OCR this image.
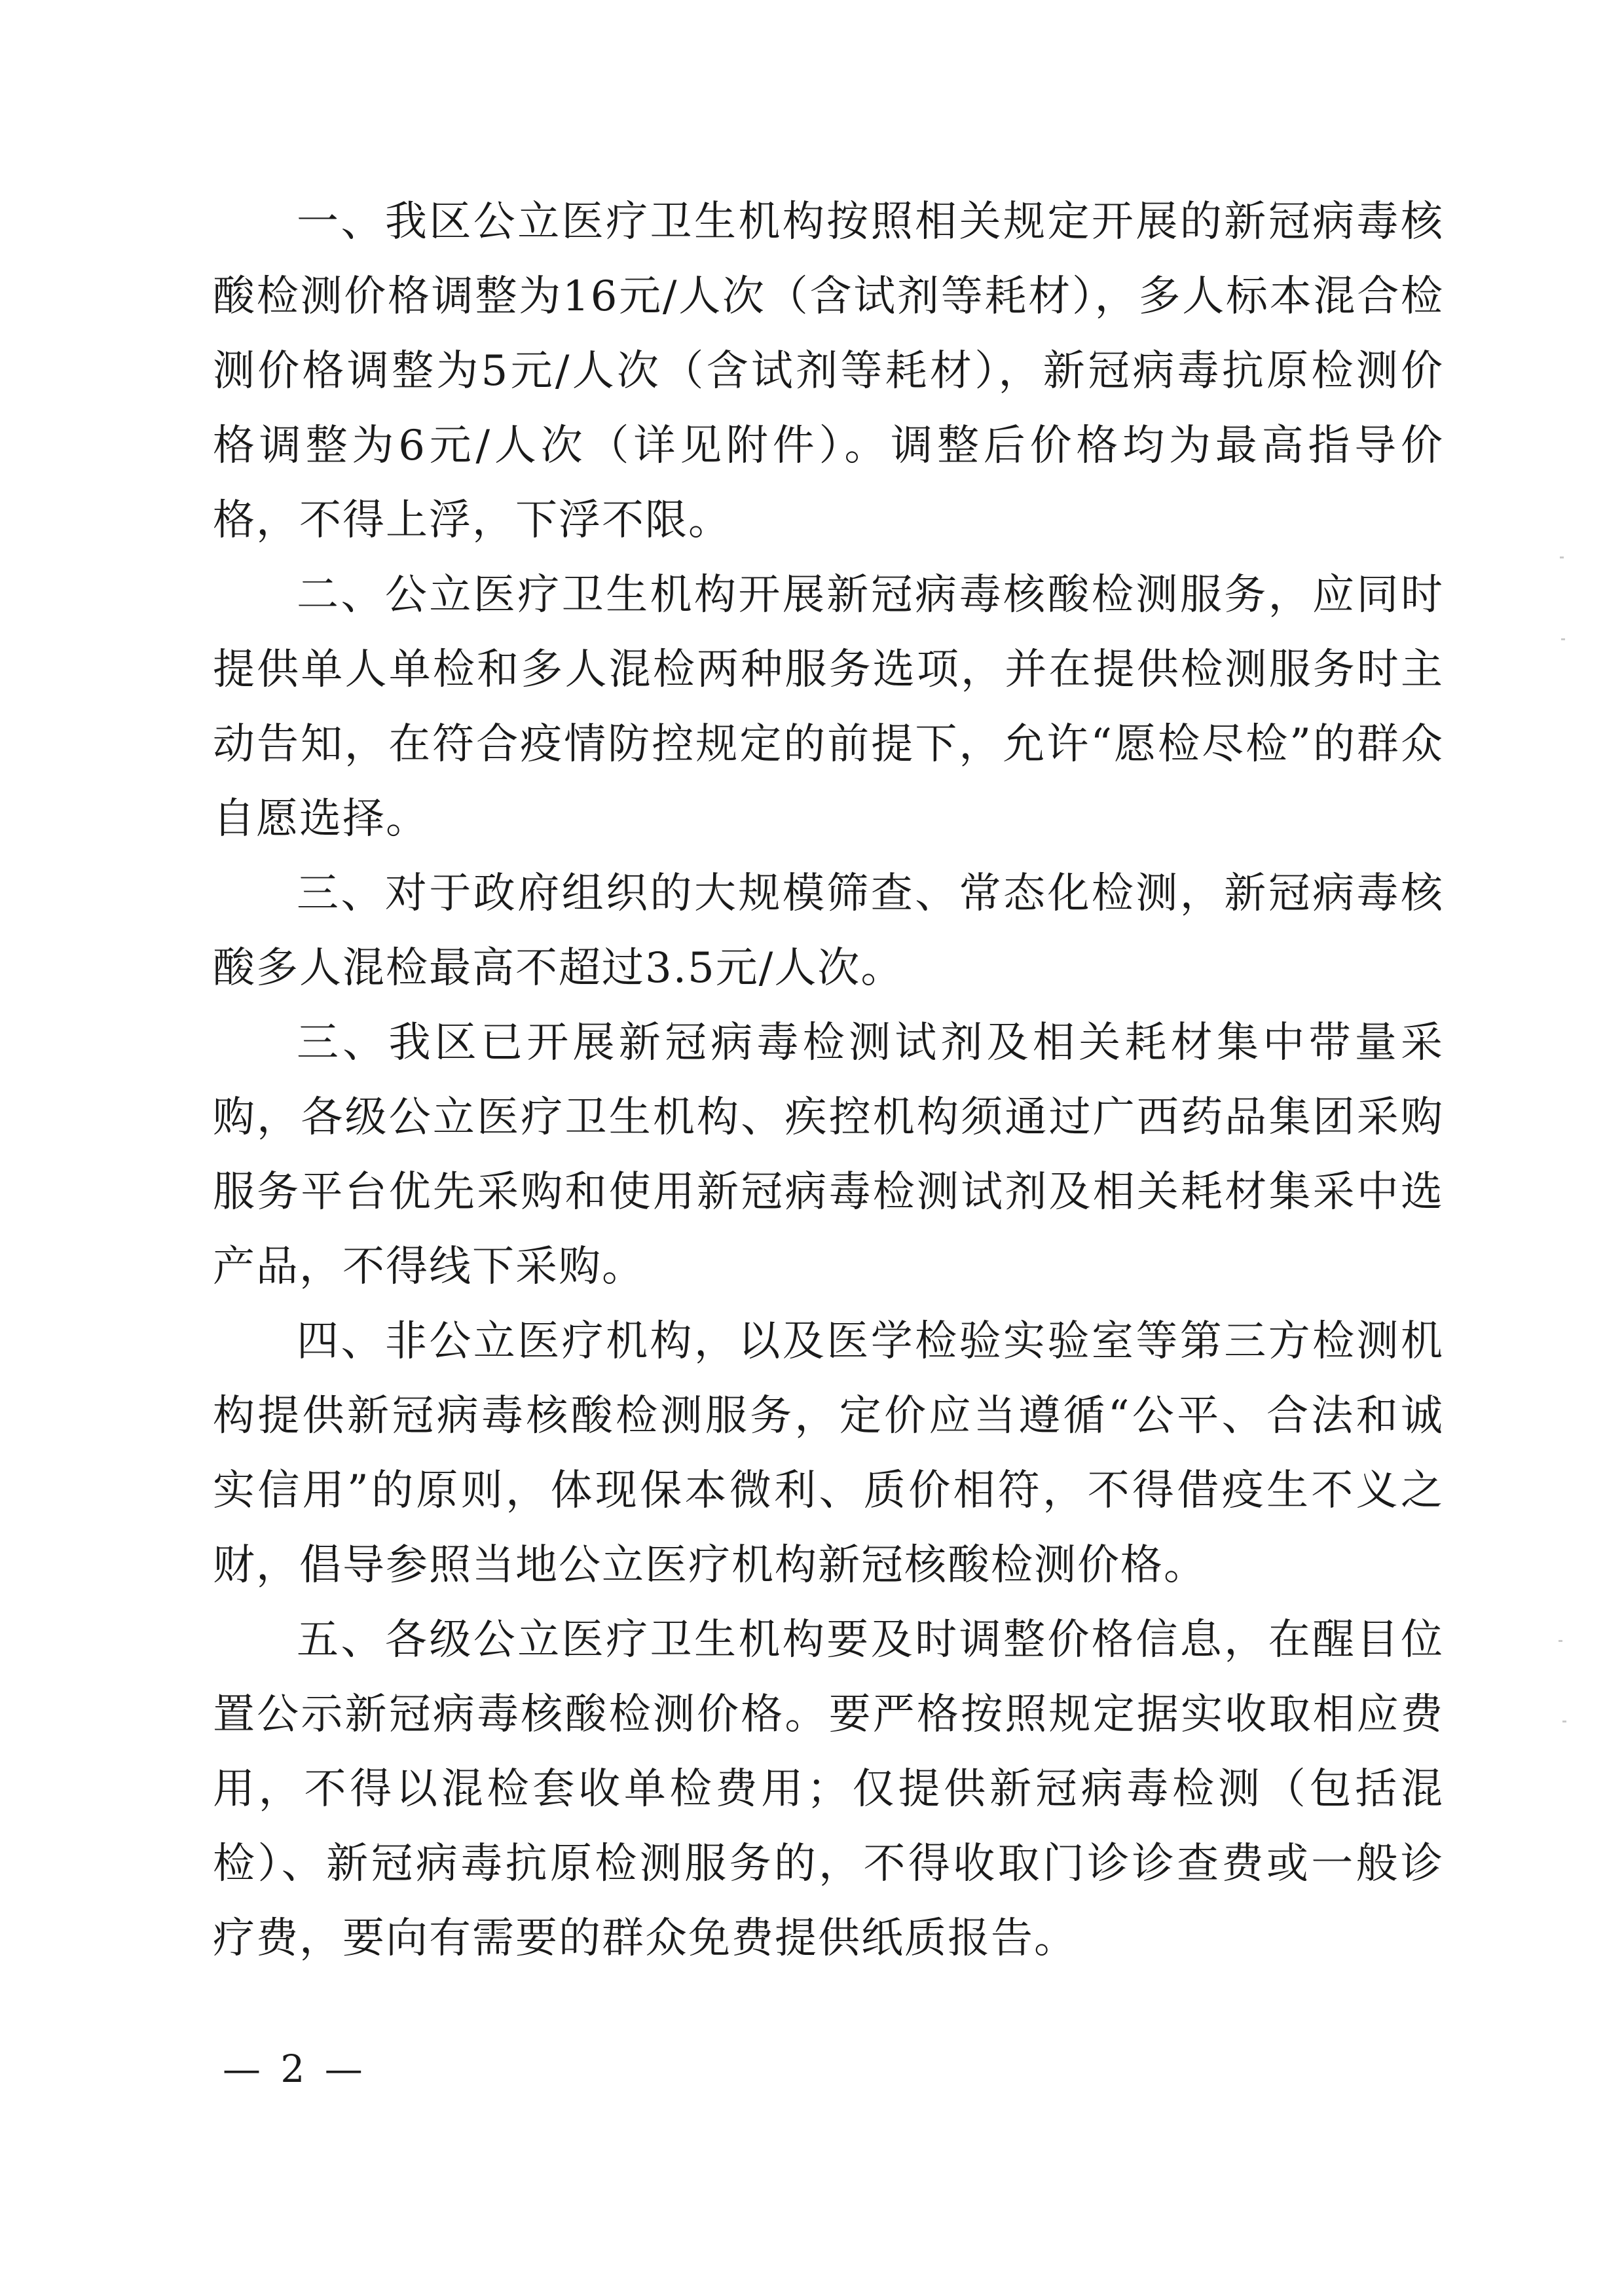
一、我区公立医疗卫生机构按照相关规定开展的新冠病毒核酸检测价格调整为16元/人次（含试剂等耗材），多人标本混合检测价格调整为5元/人次（含试剂等耗材），新冠病毒抗原检测价格调整为6元/人次（详见附件）。调整后价格均为最高指导价格，不得上浮，下浮不限。

二、公立医疗卫生机构开展新冠病毒核酸检测服务，应同时提供单人单检和多人混检两种服务选项，并在提供检测服务时主动告知，在符合疫情防控规定的前提下，允许“愿检尽检”的群众自愿选择。

三、对于政府组织的大规模筛查、常态化检测，新冠病毒核酸多人混检最高不超过3.5元/人次。

三、我区已开展新冠病毒检测试剂及相关耗材集中带量采购，各级公立医疗卫生机构、疾控机构须通过广西药品集团采购服务平台优先采购和使用新冠病毒检测试剂及相关耗材集采中选产品，不得线下采购。

四、非公立医疗机构，以及医学检验实验室等第三方检测机构提供新冠病毒核酸检测服务，定价应当遵循“公平、合法和诚实信用”的原则，体现保本微利、质价相符，不得借疫生不义之财，倡导参照当地公立医疗机构新冠核酸检测价格。

五、各级公立医疗卫生机构要及时调整价格信息，在醒目位置公示新冠病毒核酸检测价格。要严格按照规定据实收取相应费用，不得以混检套收单检费用；仅提供新冠病毒检测（包括混检）、新冠病毒抗原检测服务的，不得收取门诊诊查费或一般诊疗费，要向有需要的群众免费提供纸质报告。

— 2 —
